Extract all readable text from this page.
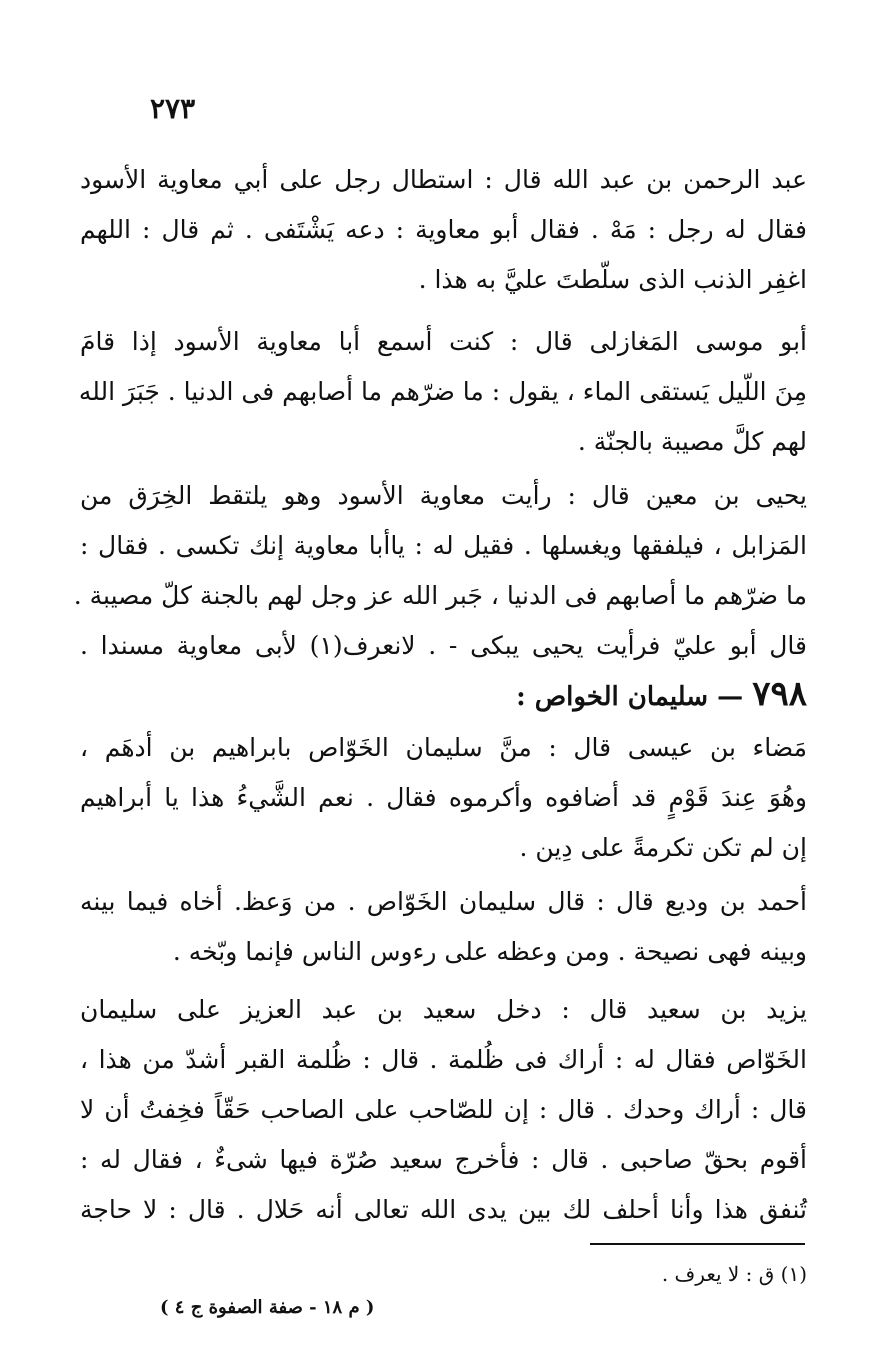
٢٧٣
عبد الرحمن بن عبد الله قال : استطال رجل على أبي معاوية الأسود
فقال له رجل : مَهْ . فقال أبو معاوية : دعه يَشْتَفى . ثم قال : اللهم
اغفِر الذنب الذى سلّطتَ عليَّ به هذا .
أبو موسى المَغازلى قال : كنت أسمع أبا معاوية الأسود إذا قامَ
مِنَ اللّيل يَستقى الماء ، يقول : ما ضرّهم ما أصابهم فى الدنيا . جَبَرَ الله
لهم كلَّ مصيبة بالجنّة .
يحيى بن معين قال : رأيت معاوية الأسود وهو يلتقط الخِرَق من
المَزابل ، فيلفقها ويغسلها . فقيل له : ياأبا معاوية إنك تكسى . فقال :
ما ضرّهم ما أصابهم فى الدنيا ، جَبر الله عز وجل لهم بالجنة كلّ مصيبة .
قال أبو عليّ فرأيت يحيى يبكى - . لانعرف(١) لأبى معاوية مسندا .
٧٩٨ — سليمان الخواص :
مَضاء بن عيسى قال : منَّ سليمان الخَوّاص بابراهيم بن أدهَم ،
وهُوَ عِندَ قَوْمٍ قد أضافوه وأكرموه فقال . نعم الشَّيءُ هذا يا أبراهيم
إن لم تكن تكرمةً على دِين .
أحمد بن وديع قال : قال سليمان الخَوّاص . من وَعظ. أخاه فيما بينه
وبينه فهى نصيحة . ومن وعظه على رءوس الناس فإنما وبّخه .
يزيد بن سعيد قال : دخل سعيد بن عبد العزيز على سليمان
الخَوّاص فقال له : أراك فى ظُلمة . قال : ظُلمة القبر أشدّ من هذا ،
قال : أراك وحدك . قال : إن للصّاحب على الصاحب حَقّاً فخِفتُ أن لا
أقوم بحقّ صاحبى . قال : فأخرج سعيد صُرّة فيها شىءٌ ، فقال له :
تُنفق هذا وأنا أحلف لك بين يدى الله تعالى أنه حَلال . قال : لا حاجة
(١) ق : لا يعرف .
( م ١٨ - صفة الصفوة ج ٤ )
